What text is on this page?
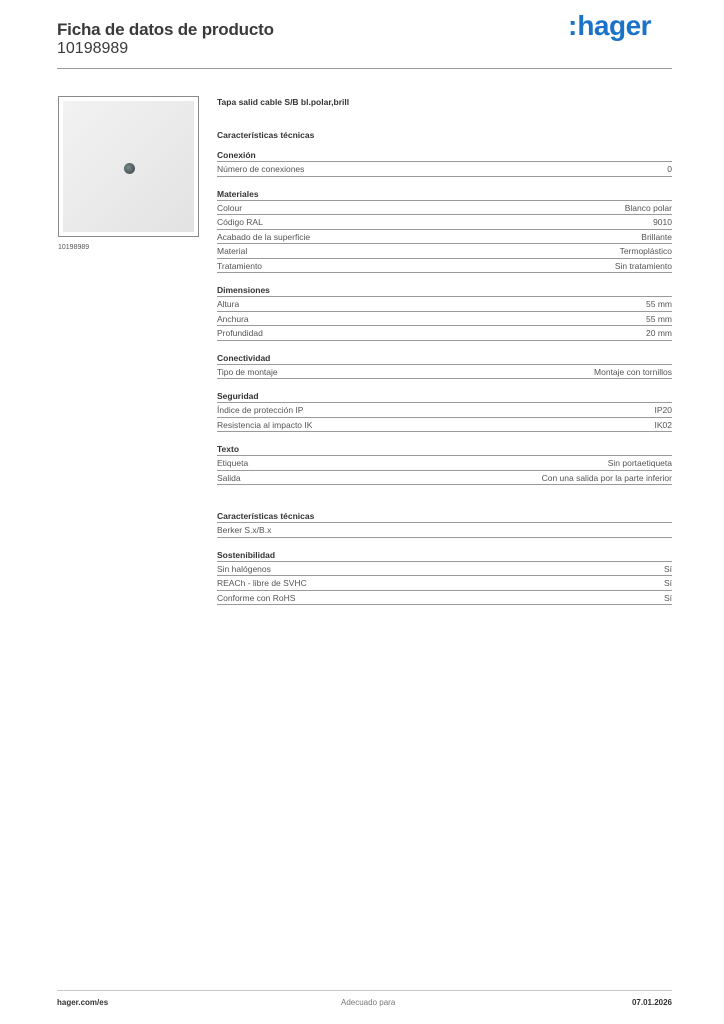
Ficha de datos de producto
10198989
:hager
10198989
Tapa salid cable S/B bl.polar,brill
Características técnicas
Conexión
Número de conexiones	0
Materiales
Colour	Blanco polar
Código RAL	9010
Acabado de la superficie	Brillante
Material	Termoplástico
Tratamiento	Sin tratamiento
Dimensiones
Altura	55 mm
Anchura	55 mm
Profundidad	20 mm
Conectividad
Tipo de montaje	Montaje con tornillos
Seguridad
Índice de protección IP	IP20
Resistencia al impacto IK	IK02
Texto
Etiqueta	Sin portaetiqueta
Salida	Con una salida por la parte inferior
Características técnicas
Berker S.x/B.x
Sostenibilidad
Sin halógenos	Sí
REACh - libre de SVHC	Sí
Conforme con RoHS	Sí
hager.com/es	Adecuado para	07.01.2026
